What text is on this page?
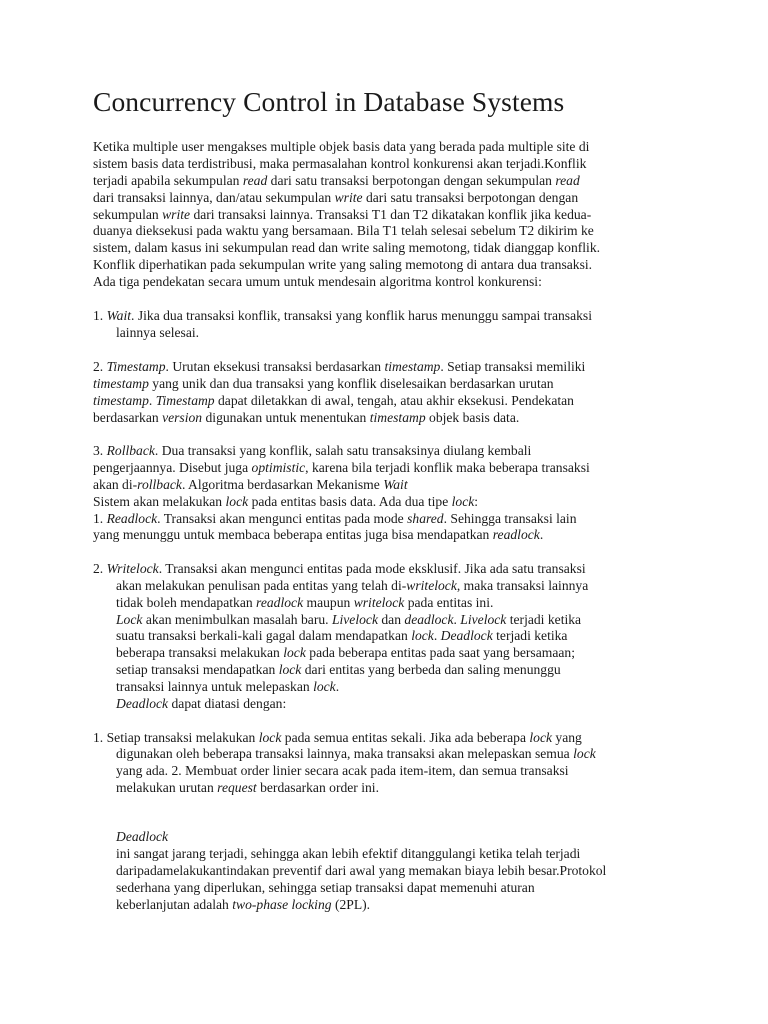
Concurrency Control in Database Systems
Ketika multiple user mengakses multiple objek basis data yang berada pada multiple site di
sistem basis data terdistribusi, maka permasalahan kontrol konkurensi akan terjadi.Konflik
terjadi apabila sekumpulan read dari satu transaksi berpotongan dengan sekumpulan read
dari transaksi lainnya, dan/atau sekumpulan write dari satu transaksi berpotongan dengan
sekumpulan write dari transaksi lainnya. Transaksi T1 dan T2 dikatakan konflik jika kedua-
duanya dieksekusi pada waktu yang bersamaan. Bila T1 telah selesai sebelum T2 dikirim ke
sistem, dalam kasus ini sekumpulan read dan write saling memotong, tidak dianggap konflik.
Konflik diperhatikan pada sekumpulan write yang saling memotong di antara dua transaksi.
Ada tiga pendekatan secara umum untuk mendesain algoritma kontrol konkurensi:
1. Wait. Jika dua transaksi konflik, transaksi yang konflik harus menunggu sampai transaksi
lainnya selesai.
2. Timestamp. Urutan eksekusi transaksi berdasarkan timestamp. Setiap transaksi memiliki
timestamp yang unik dan dua transaksi yang konflik diselesaikan berdasarkan urutan
timestamp. Timestamp dapat diletakkan di awal, tengah, atau akhir eksekusi. Pendekatan
berdasarkan version digunakan untuk menentukan timestamp objek basis data.
3. Rollback. Dua transaksi yang konflik, salah satu transaksinya diulang kembali
pengerjaannya. Disebut juga optimistic, karena bila terjadi konflik maka beberapa transaksi
akan di-rollback. Algoritma berdasarkan Mekanisme Wait
Sistem akan melakukan lock pada entitas basis data. Ada dua tipe lock:
1. Readlock. Transaksi akan mengunci entitas pada mode shared. Sehingga transaksi lain
yang menunggu untuk membaca beberapa entitas juga bisa mendapatkan readlock.
2. Writelock. Transaksi akan mengunci entitas pada mode eksklusif. Jika ada satu transaksi
akan melakukan penulisan pada entitas yang telah di-writelock, maka transaksi lainnya
tidak boleh mendapatkan readlock maupun writelock pada entitas ini.
Lock akan menimbulkan masalah baru. Livelock dan deadlock. Livelock terjadi ketika
suatu transaksi berkali-kali gagal dalam mendapatkan lock. Deadlock terjadi ketika
beberapa transaksi melakukan lock pada beberapa entitas pada saat yang bersamaan;
setiap transaksi mendapatkan lock dari entitas yang berbeda dan saling menunggu
transaksi lainnya untuk melepaskan lock.
Deadlock dapat diatasi dengan:
1. Setiap transaksi melakukan lock pada semua entitas sekali. Jika ada beberapa lock yang
digunakan oleh beberapa transaksi lainnya, maka transaksi akan melepaskan semua lock
yang ada. 2. Membuat order linier secara acak pada item-item, dan semua transaksi
melakukan urutan request berdasarkan order ini.
Deadlock
ini sangat jarang terjadi, sehingga akan lebih efektif ditanggulangi ketika telah terjadi
daripadamelakukantindakan preventif dari awal yang memakan biaya lebih besar.Protokol
sederhana yang diperlukan, sehingga setiap transaksi dapat memenuhi aturan
keberlanjutan adalah two-phase locking (2PL).
